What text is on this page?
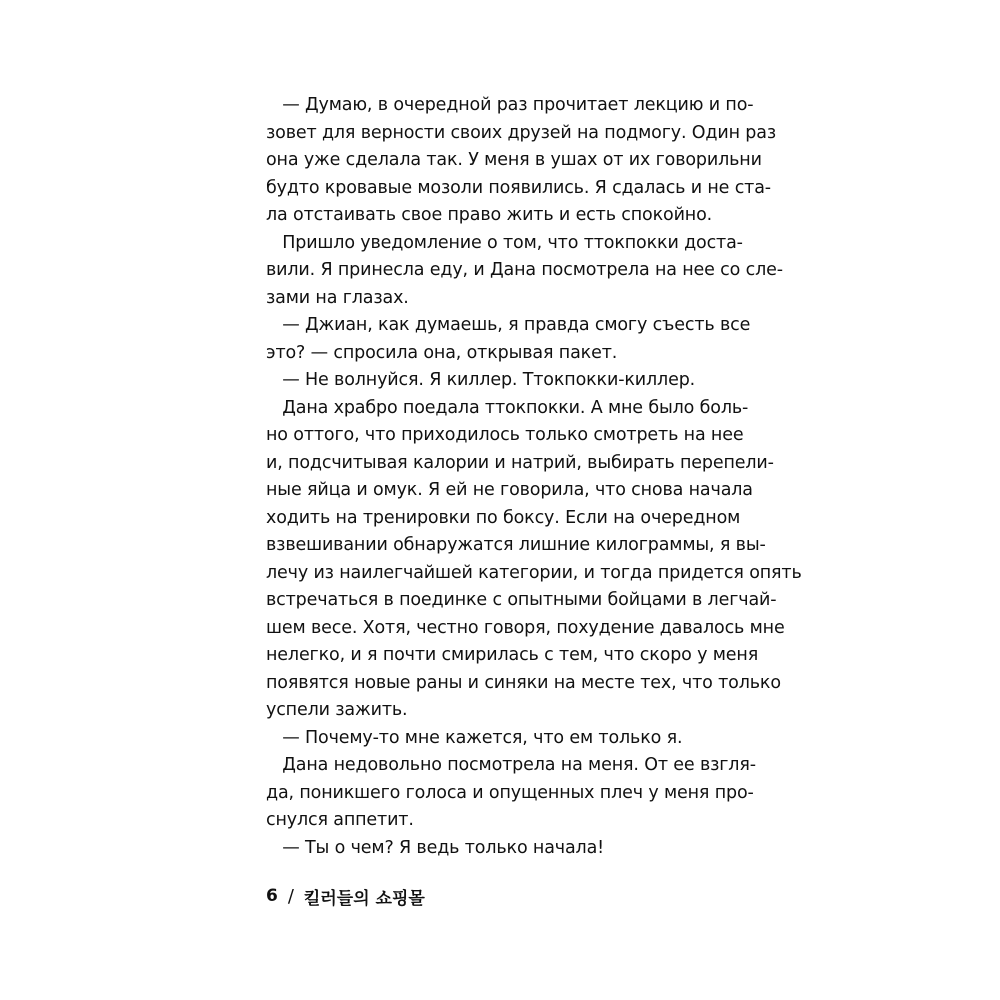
— Думаю, в очередной раз прочитает лекцию и по-
зовет для верности своих друзей на подмогу. Один раз
она уже сделала так. У меня в ушах от их говорильни
будто кровавые мозоли появились. Я сдалась и не ста-
ла отстаивать свое право жить и есть спокойно.
Пришло уведомление о том, что ттокпокки доста-
вили. Я принесла еду, и Дана посмотрела на нее со сле-
зами на глазах.
— Джиан, как думаешь, я правда смогу съесть все
это? — спросила она, открывая пакет.
— Не волнуйся. Я киллер. Ттокпокки-киллер.
Дана храбро поедала ттокпокки. А мне было боль-
но оттого, что приходилось только смотреть на нее
и, подсчитывая калории и натрий, выбирать перепели-
ные яйца и омук. Я ей не говорила, что снова начала
ходить на тренировки по боксу. Если на очередном
взвешивании обнаружатся лишние килограммы, я вы-
лечу из наилегчайшей категории, и тогда придется опять
встречаться в поединке с опытными бойцами в легчай-
шем весе. Хотя, честно говоря, похудение давалось мне
нелегко, и я почти смирилась с тем, что скоро у меня
появятся новые раны и синяки на месте тех, что только
успели зажить.
— Почему-то мне кажется, что ем только я.
Дана недовольно посмотрела на меня. От ее взгля-
да, поникшего голоса и опущенных плеч у меня про-
снулся аппетит.
— Ты о чем? Я ведь только начала!
6 / 킬러들의 쇼핑몰
